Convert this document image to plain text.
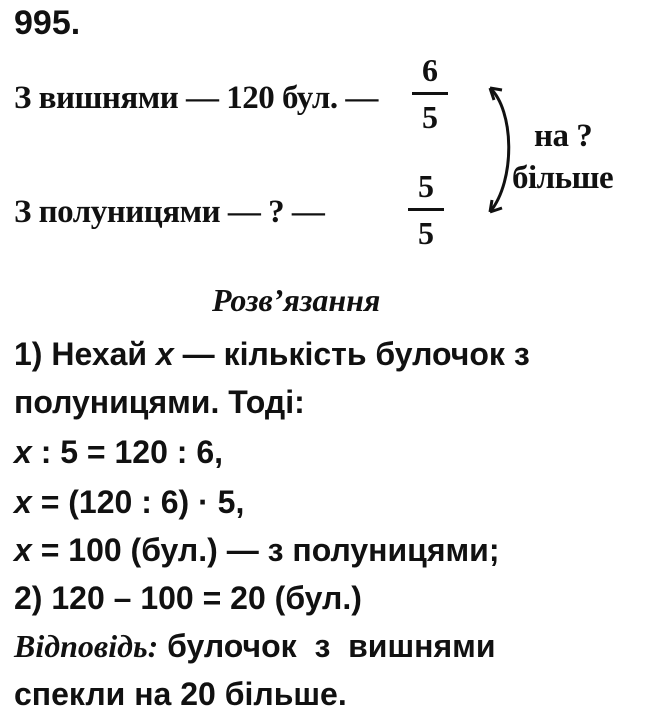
995.
З вишнями — 120 бул. —
6
5
З полуницями — ? —
5
5
на ?
більше
Розв’язання
1) Нехай x — кількість булочок з
полуницями. Тоді:
x : 5 = 120 : 6,
x = (120 : 6) · 5,
x = 100 (бул.) — з полуницями;
2) 120 – 100 = 20 (бул.)
Відповідь: булочок  з  вишнями
спекли на 20 більше.
